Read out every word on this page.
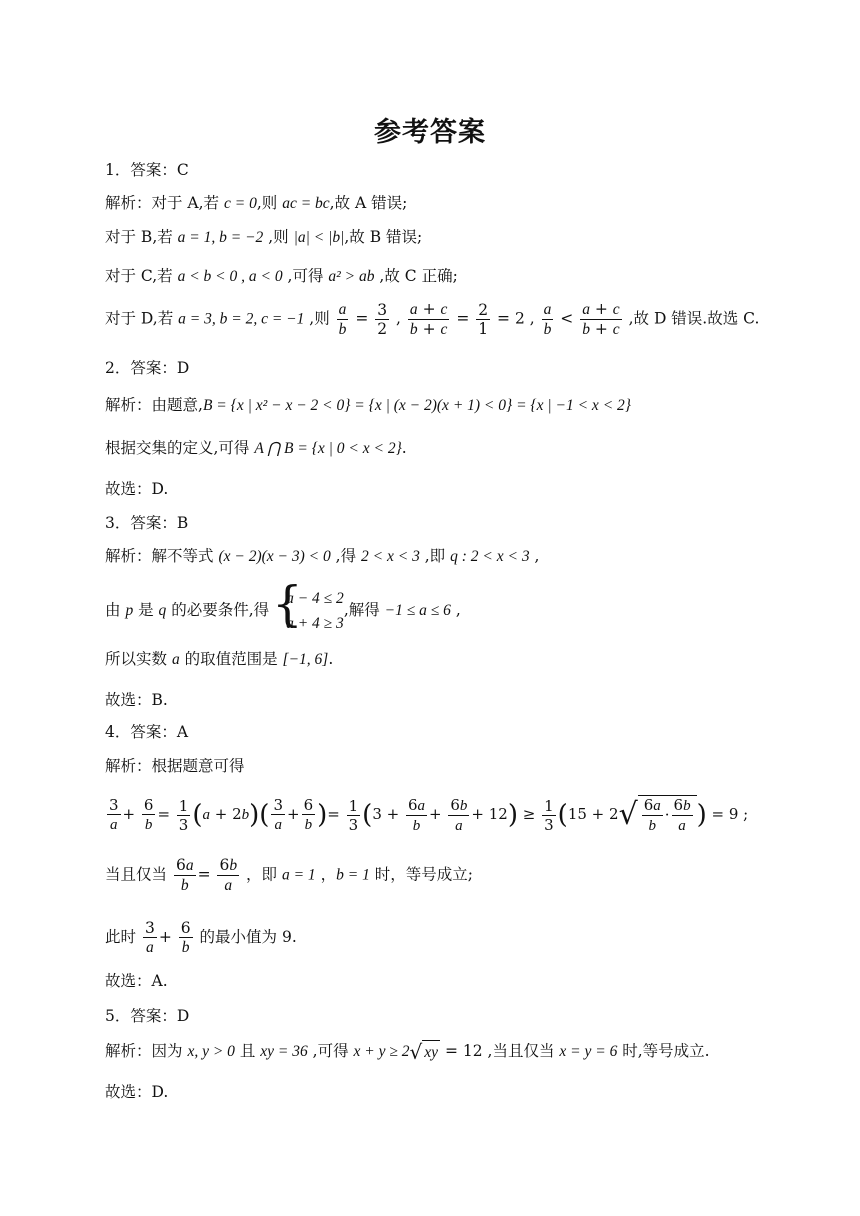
参考答案
1．答案：C
解析：对于 A,若 c = 0,则 ac = bc,故 A 错误;
对于 B,若 a = 1, b = −2 ,则 |a| < |b|,故 B 错误;
对于 C,若 a < b < 0 , a < 0 ,可得 a² > ab ,故 C 正确;
对于 D,若 a = 3, b = 2, c = −1 ,则 $\frac{a}{b} = \frac{3}{2}$ , $\frac{a + c}{b + c} = \frac{2}{1} = 2$ , $\frac{a}{b} < \frac{a + c}{b + c}$ ,故 D 错误.故选 C.
2．答案：D
解析：由题意,B = {x | x² − x − 2 < 0} = {x | (x − 2)(x + 1) < 0} = {x | −1 < x < 2}
根据交集的定义,可得 A ⋂ B = {x | 0 < x < 2}.
故选：D.
3．答案：B
解析：解不等式 (x − 2)(x − 3) < 0 ,得 2 < x < 3 ,即 q : 2 < x < 3 ,
由 p 是 q 的必要条件,得 {
a − 4 ≤ 2
a + 4 ≥ 3
,解得 −1 ≤ a ≤ 6 ,
所以实数 a 的取值范围是 [−1, 6].
故选：B.
4．答案：A
解析：根据题意可得
$\frac{3}{a} + \frac{6}{b} = \frac{1}{3} (a + 2b)( \frac{3}{a} + \frac{6}{b}$ )= $\frac{1}{3} (3 + \frac{6a}{b} + \frac{6b}{a} + 12) \ge \frac{1}{3} (15 + 2√ \frac{6a}{b} \cdot \frac{6b}{a}$ ) = 9 ;
当且仅当 $\frac{6a}{b} = \frac{6b}{a}$ ，即 a = 1 ，b = 1 时，等号成立;
此时 $\frac{3}{a} + \frac{6}{b}$ 的最小值为 9.
故选：A.
5．答案：D
解析：因为 x, y > 0 且 xy = 36 ,可得 x + y ≥ 2√ xy = 12 ,当且仅当 x = y = 6 时,等号成立.
故选：D.
